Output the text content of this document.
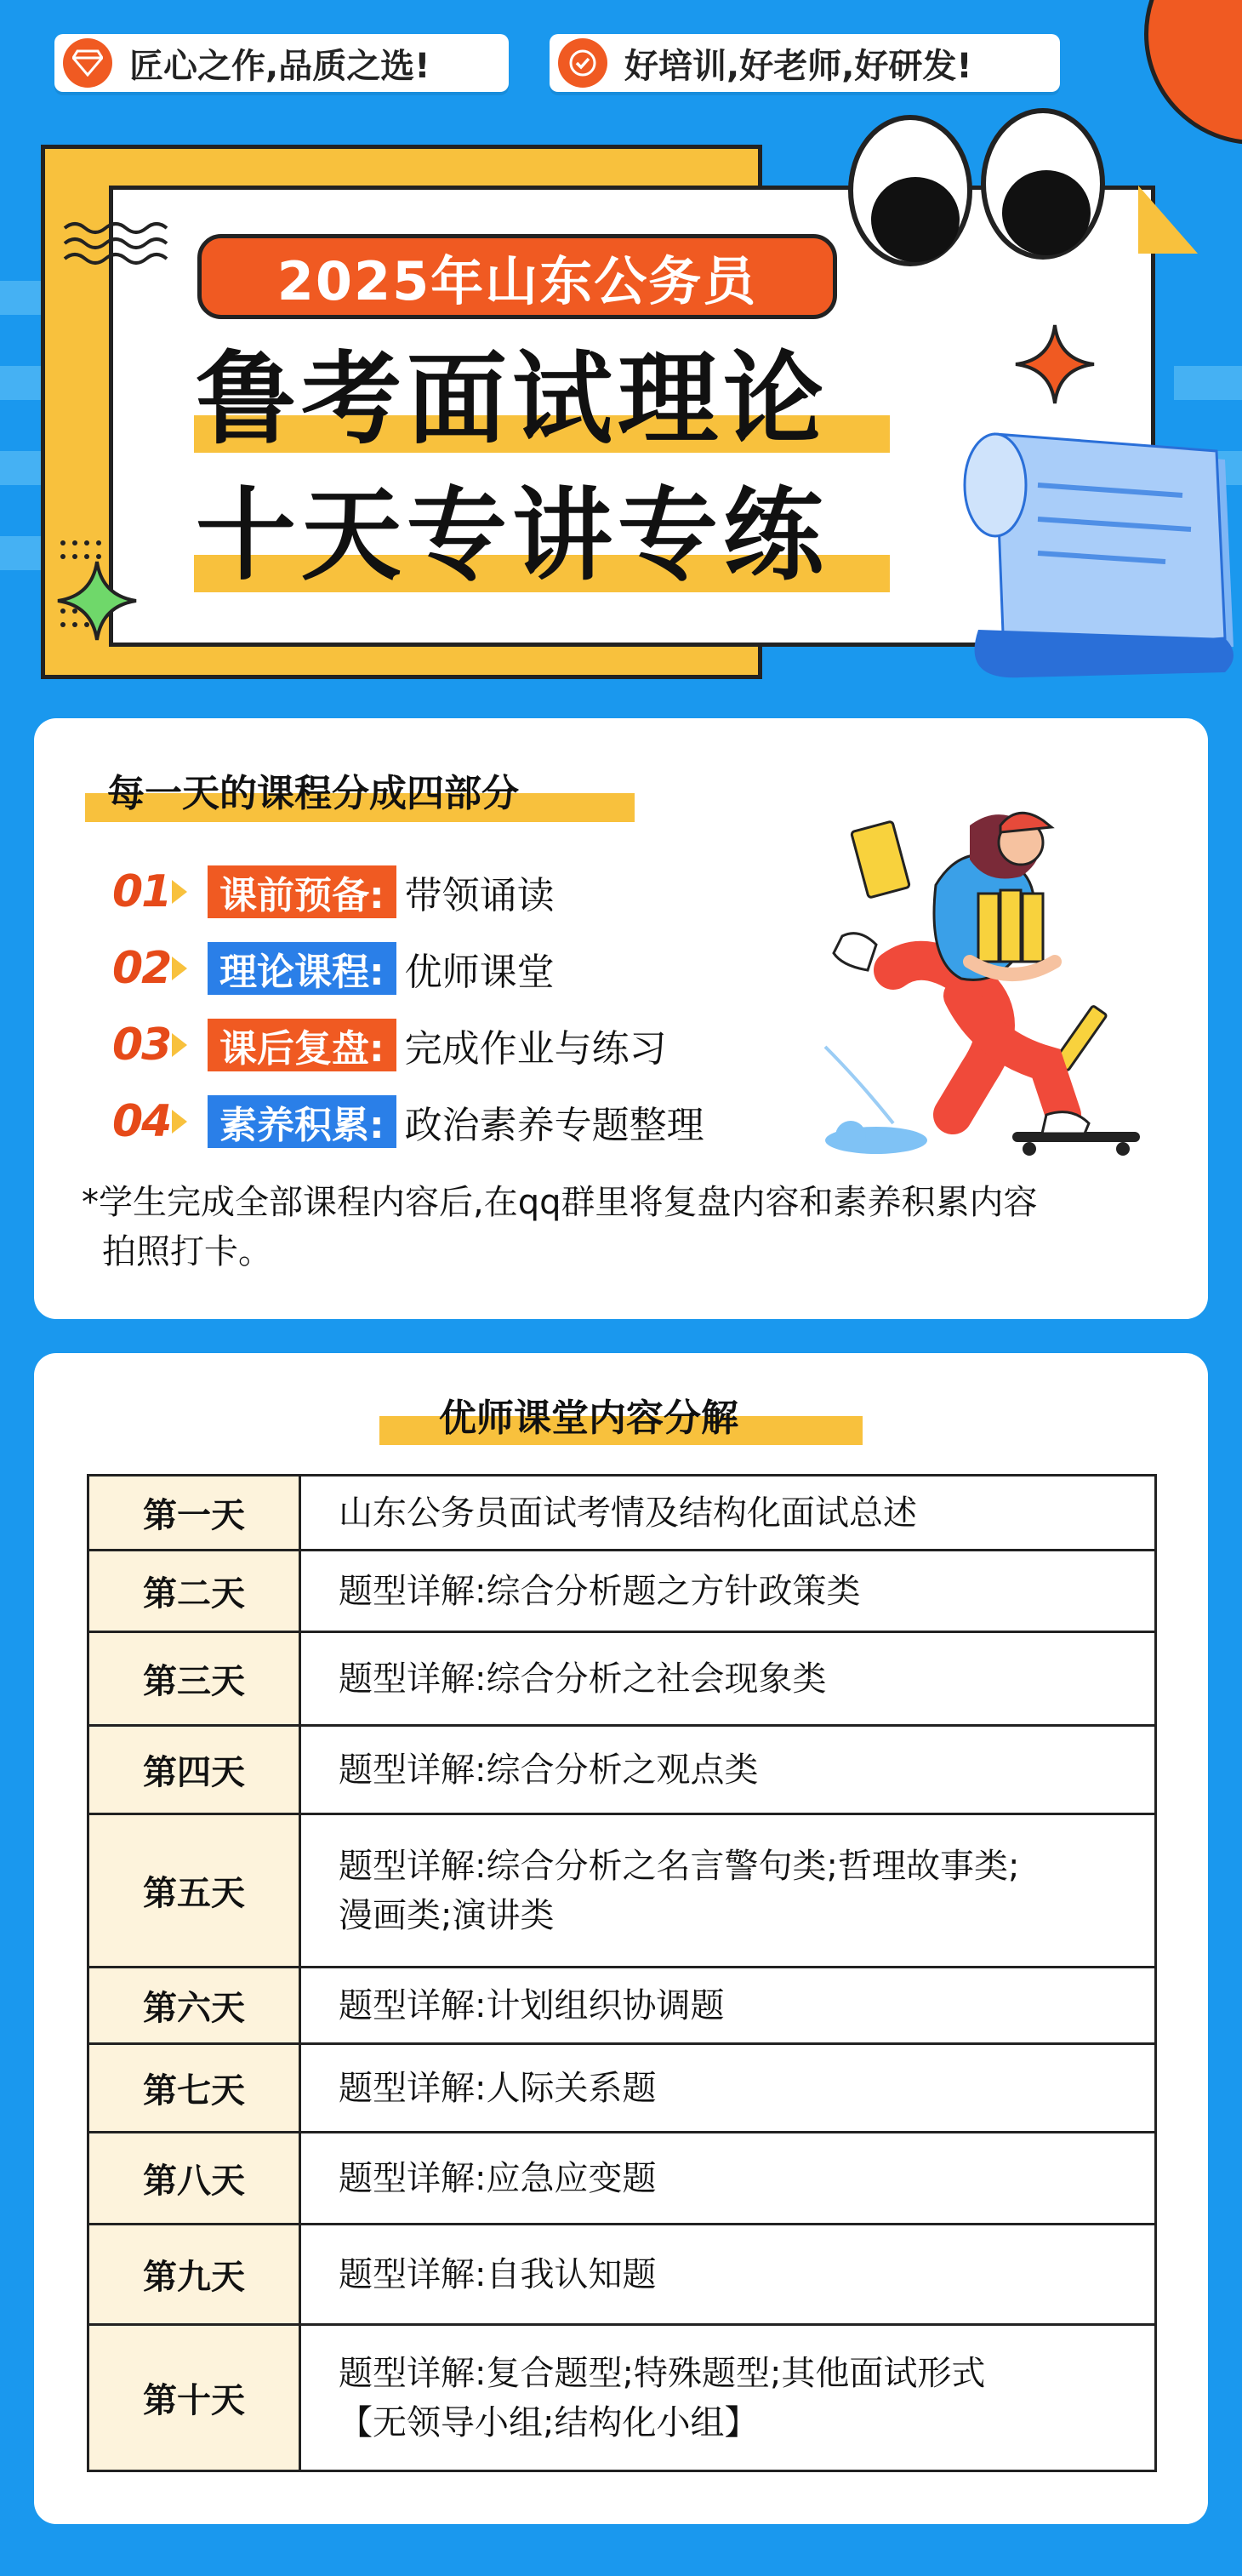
匠心之作,品质之选!	好培训,好老师,好研发!
2025年山东公务员
鲁考面试理论
十天专讲专练
每一天的课程分成四部分
01	课前预备: 带领诵读
02	理论课程: 优师课堂
03	课后复盘: 完成作业与练习
04	素养积累: 政治素养专题整理
*学生完成全部课程内容后,在qq群里将复盘内容和素养积累内容
拍照打卡。
优师课堂内容分解
第一天	山东公务员面试考情及结构化面试总述

第二天	题型详解:综合分析题之方针政策类

第三天	题型详解:综合分析之社会现象类

第四天	题型详解:综合分析之观点类

第五天	题型详解:综合分析之名言警句类;哲理故事类;
漫画类;演讲类

第六天	题型详解:计划组织协调题

第七天	题型详解:人际关系题

第八天	题型详解:应急应变题

第九天	题型详解:自我认知题

第十天	题型详解:复合题型;特殊题型;其他面试形式
【无领导小组;结构化小组】
